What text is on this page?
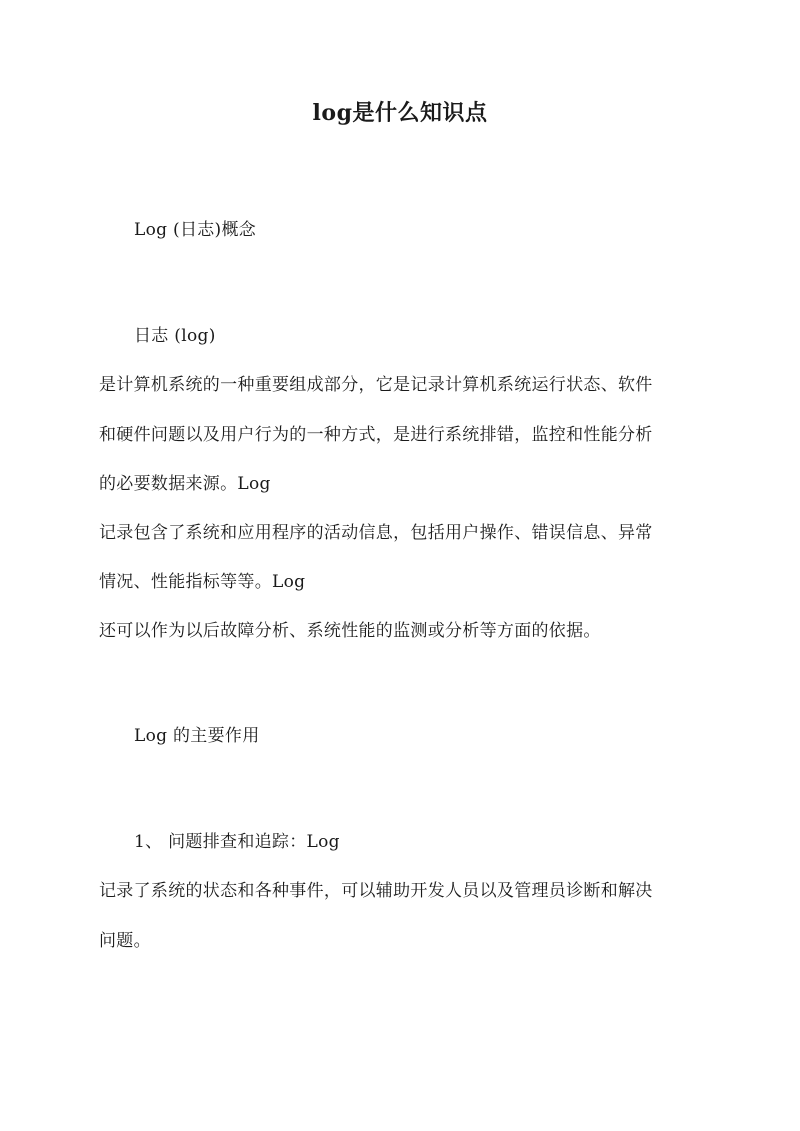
log是什么知识点
Log (日志)概念
日志 (log)
是计算机系统的一种重要组成部分，它是记录计算机系统运行状态、软件
和硬件问题以及用户行为的一种方式，是进行系统排错，监控和性能分析
的必要数据来源。Log
记录包含了系统和应用程序的活动信息，包括用户操作、错误信息、异常
情况、性能指标等等。Log
还可以作为以后故障分析、系统性能的监测或分析等方面的依据。
Log 的主要作用
1、 问题排查和追踪：Log
记录了系统的状态和各种事件，可以辅助开发人员以及管理员诊断和解决
问题。
